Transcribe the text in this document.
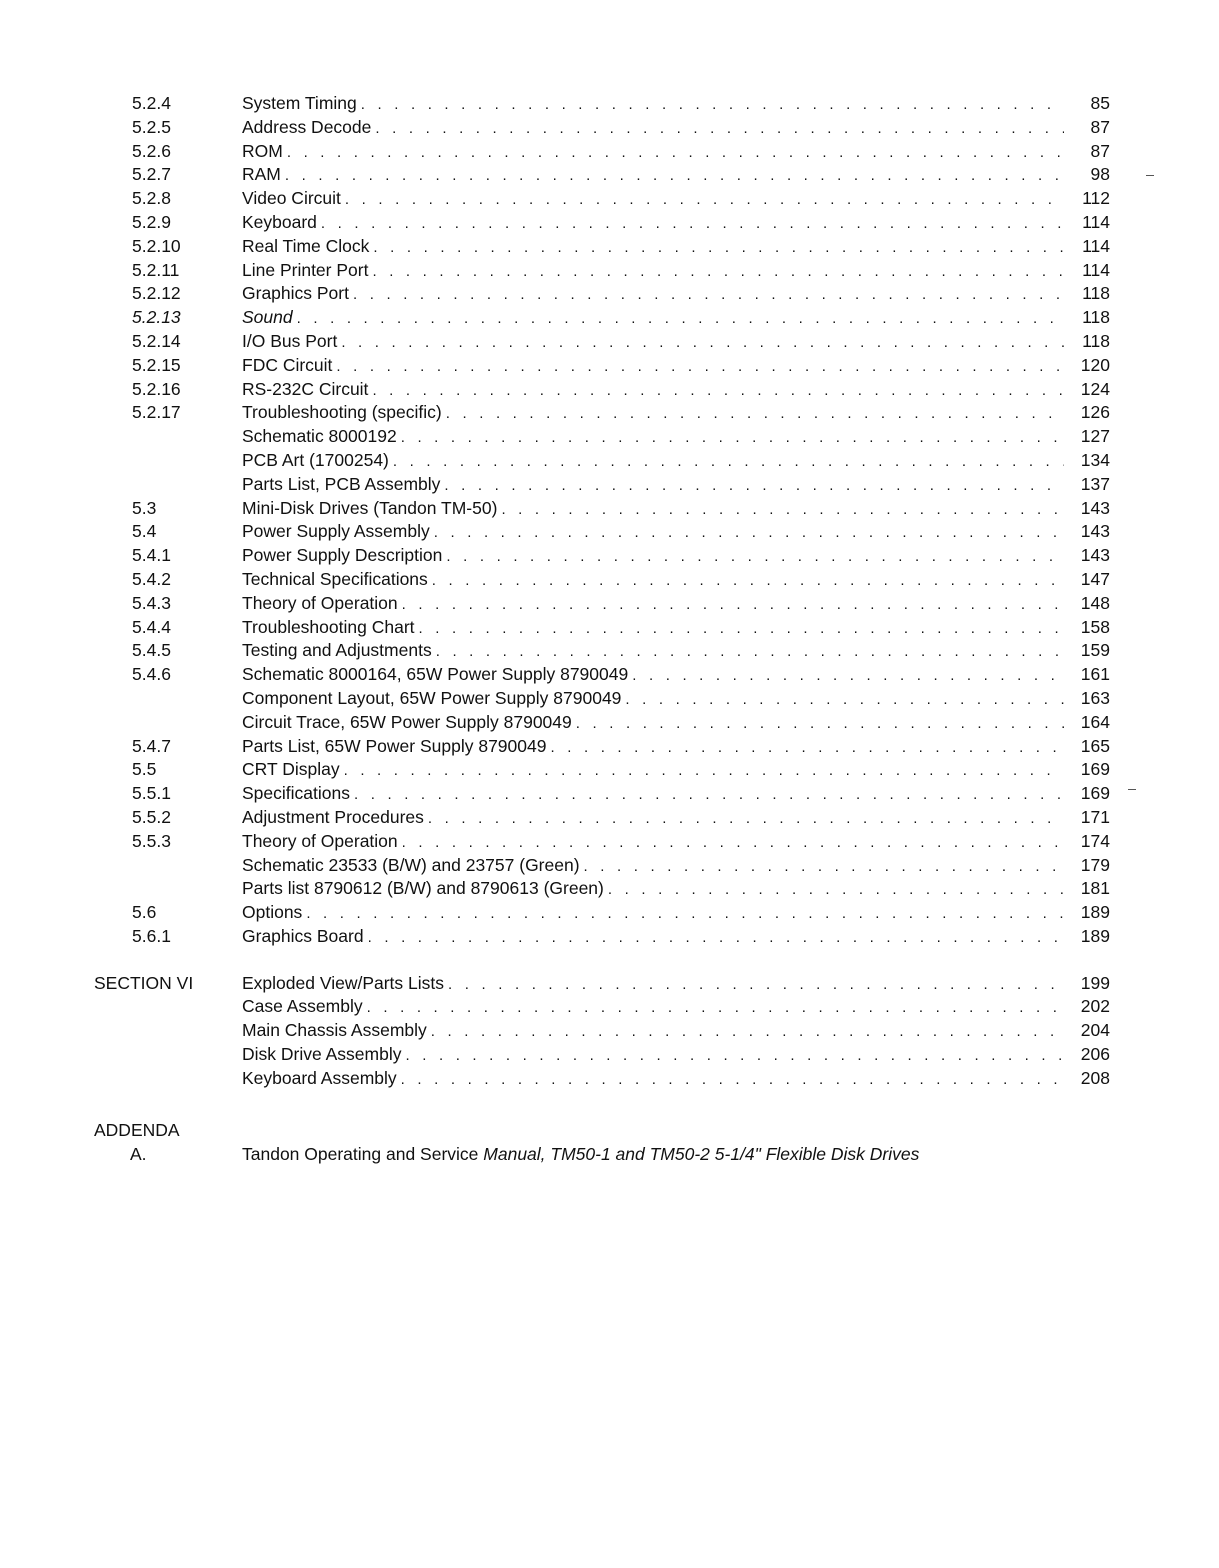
5.2.4	System Timing . . .	85
5.2.5	Address Decode . . .	87
5.2.6	ROM . . .	87
5.2.7	RAM . . .	98
5.2.8	Video Circuit . . .	112
5.2.9	Keyboard . . .	114
5.2.10	Real Time Clock . . .	114
5.2.11	Line Printer Port . . .	114
5.2.12	Graphics Port . . .	118
5.2.13	Sound . . .	118
5.2.14	I/O Bus Port . . .	118
5.2.15	FDC Circuit . . .	120
5.2.16	RS-232C Circuit . . .	124
5.2.17	Troubleshooting (specific) . . .	126
Schematic 8000192 . . .	127
PCB Art (1700254) . . .	134
Parts List, PCB Assembly . . .	137
5.3	Mini-Disk Drives (Tandon TM-50) . . .	143
5.4	Power Supply Assembly . . .	143
5.4.1	Power Supply Description . . .	143
5.4.2	Technical Specifications . . .	147
5.4.3	Theory of Operation . . .	148
5.4.4	Troubleshooting Chart . . .	158
5.4.5	Testing and Adjustments . . .	159
5.4.6	Schematic 8000164, 65W Power Supply 8790049 . . .	161
Component Layout, 65W Power Supply 8790049 . . .	163
Circuit Trace, 65W Power Supply 8790049 . . .	164
5.4.7	Parts List, 65W Power Supply 8790049 . . .	165
5.5	CRT Display . . .	169
5.5.1	Specifications . . .	169
5.5.2	Adjustment Procedures . . .	171
5.5.3	Theory of Operation . . .	174
Schematic 23533 (B/W) and 23757 (Green) . . .	179
Parts list 8790612 (B/W) and 8790613 (Green) . . .	181
5.6	Options . . .	189
5.6.1	Graphics Board . . .	189
SECTION VI	Exploded View/Parts Lists . . .	199
Case Assembly . . .	202
Main Chassis Assembly . . .	204
Disk Drive Assembly . . .	206
Keyboard Assembly . . .	208
ADDENDA
A.	Tandon Operating and Service Manual, TM50-1 and TM50-2 5-1/4" Flexible Disk Drives
